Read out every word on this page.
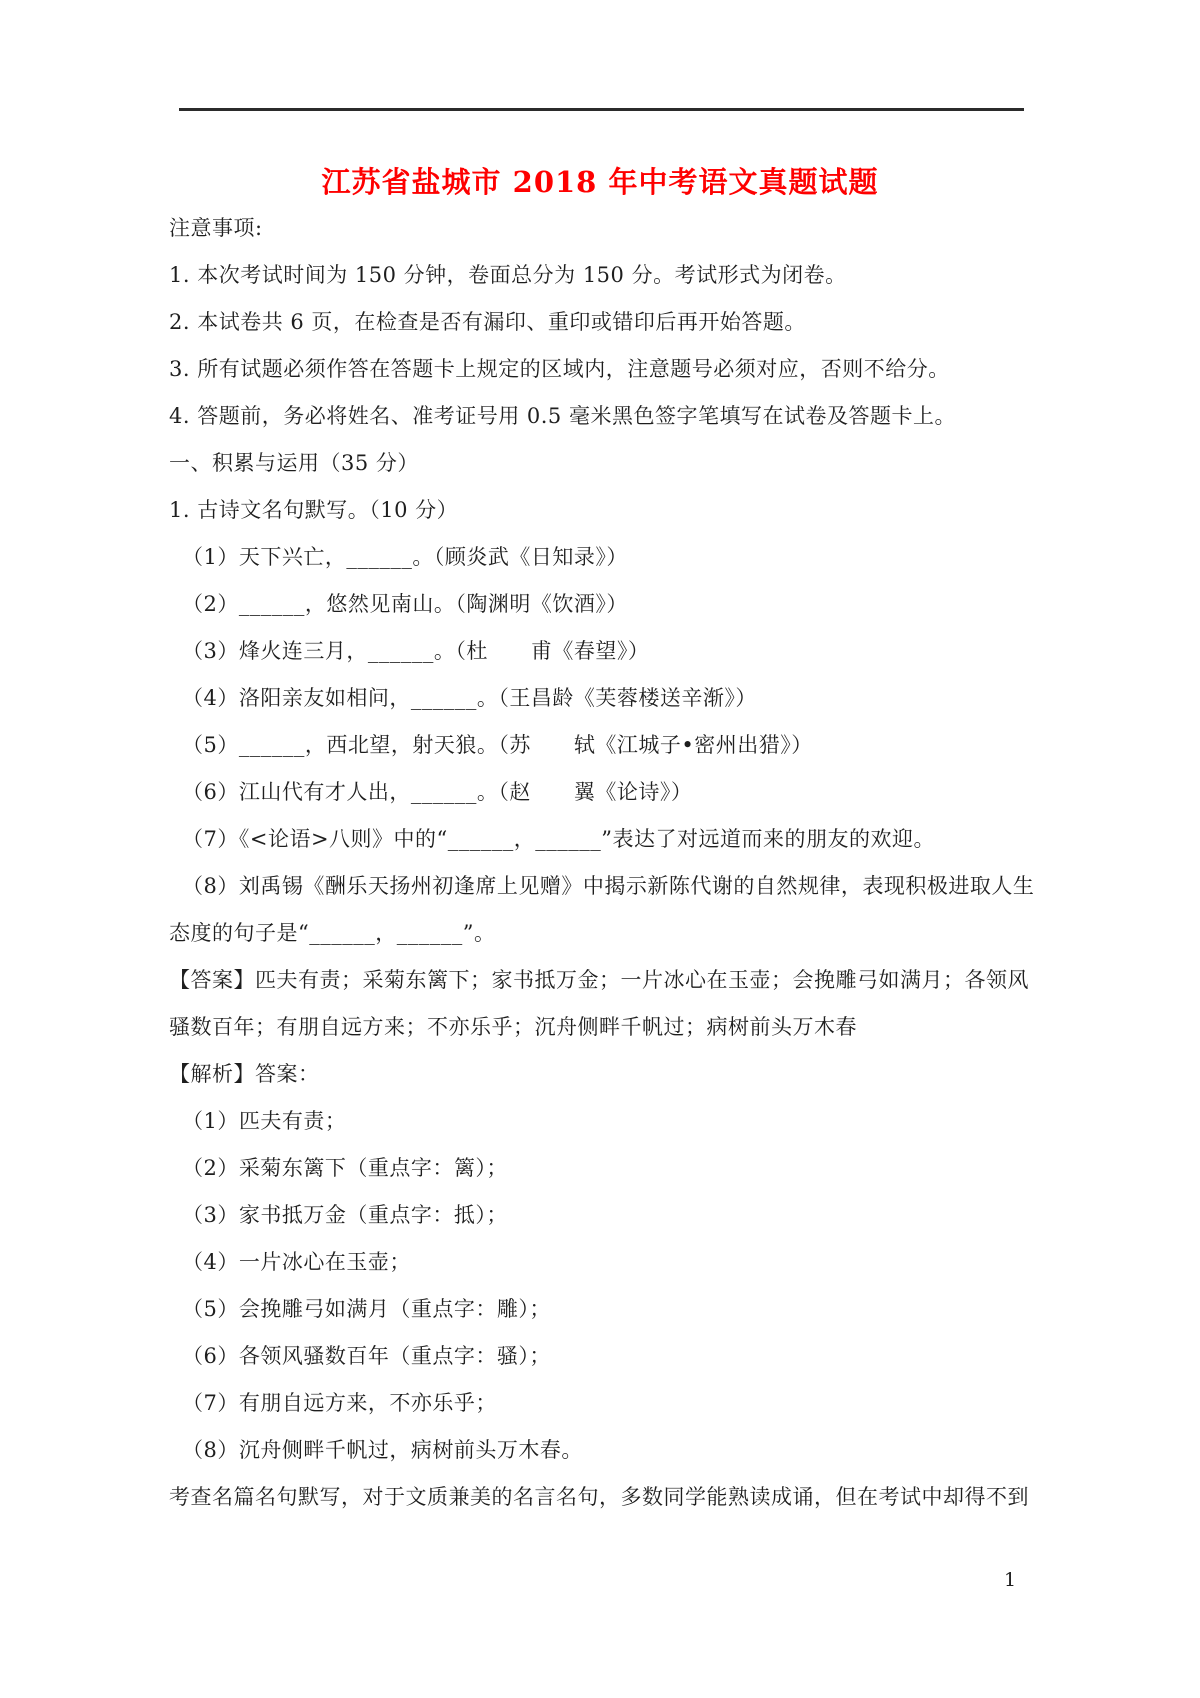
江苏省盐城市 2018 年中考语文真题试题
注意事项:
1. 本次考试时间为 150 分钟，卷面总分为 150 分。考试形式为闭卷。
2. 本试卷共 6 页，在检查是否有漏印、重印或错印后再开始答题。
3. 所有试题必须作答在答题卡上规定的区域内，注意题号必须对应，否则不给分。
4. 答题前，务必将姓名、准考证号用 0.5 毫米黑色签字笔填写在试卷及答题卡上。
一、积累与运用（35 分）
1. 古诗文名句默写。（10 分）
（1）天下兴亡，______。（顾炎武《日知录》）
（2）______，悠然见南山。（陶渊明《饮酒》）
（3）烽火连三月，______。（杜　　甫《春望》）
（4）洛阳亲友如相问，______。（王昌龄《芙蓉楼送辛渐》）
（5）______，西北望，射天狼。（苏　　轼《江城子•密州出猎》）
（6）江山代有才人出，______。（赵　　翼《论诗》）
（7）《<论语>八则》中的“______，______”表达了对远道而来的朋友的欢迎。
（8）刘禹锡《酬乐天扬州初逢席上见赠》中揭示新陈代谢的自然规律，表现积极进取人生
态度的句子是“______，______”。
【答案】匹夫有责；采菊东篱下；家书抵万金；一片冰心在玉壶；会挽雕弓如满月；各领风
骚数百年；有朋自远方来；不亦乐乎；沉舟侧畔千帆过；病树前头万木春
【解析】答案：
（1）匹夫有责；
（2）采菊东篱下（重点字：篱）；
（3）家书抵万金（重点字：抵）；
（4）一片冰心在玉壶；
（5）会挽雕弓如满月（重点字：雕）；
（6）各领风骚数百年（重点字：骚）；
（7）有朋自远方来，不亦乐乎；
（8）沉舟侧畔千帆过，病树前头万木春。
考查名篇名句默写，对于文质兼美的名言名句，多数同学能熟读成诵，但在考试中却得不到
1
